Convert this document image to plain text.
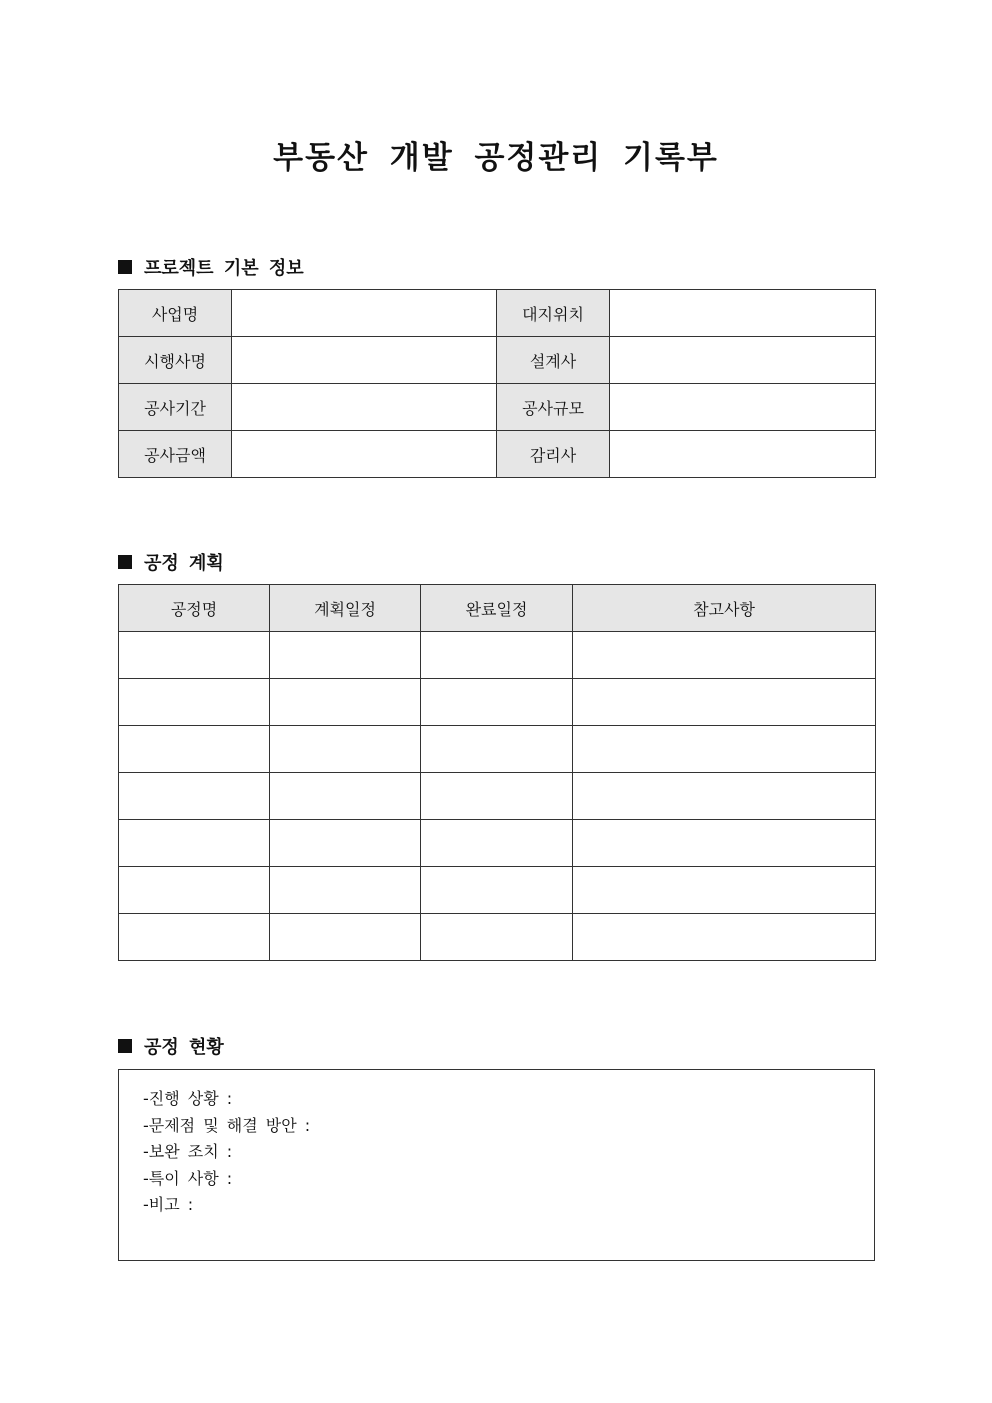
부동산 개발 공정관리 기록부
프로젝트 기본 정보
사업명		대지위치	
시행사명		설계사	
공사기간		공사규모	
공사금액		감리사	
공정 계획
공정명	계획일정	완료일정	참고사항

공정 현황
-진행 상황 :
-문제점 및 해결 방안 :
-보완 조치 :
-특이 사항 :
-비고 :
